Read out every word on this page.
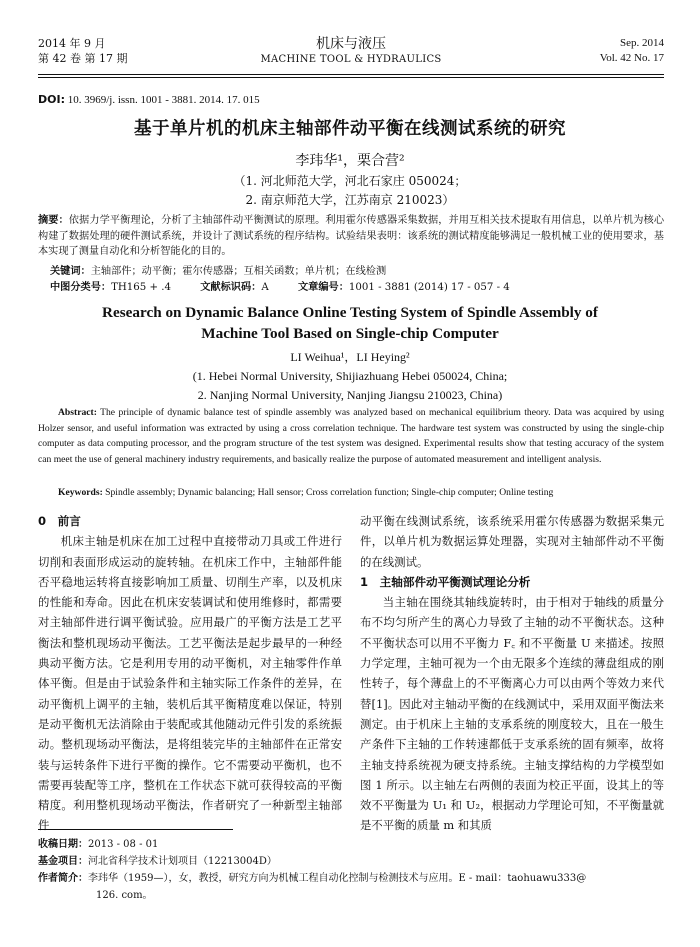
2014 年 9 月
第 42 卷 第 17 期
机床与液压
MACHINE TOOL & HYDRAULICS
Sep. 2014
Vol. 42 No. 17
DOI: 10. 3969/j. issn. 1001 - 3881. 2014. 17. 015
基于单片机的机床主轴部件动平衡在线测试系统的研究
李玮华¹，栗合营²
（1. 河北师范大学，河北石家庄 050024；
2. 南京师范大学，江苏南京 210023）
摘要：依据力学平衡理论，分析了主轴部件动平衡测试的原理。利用霍尔传感器采集数据，并用互相关技术提取有用信息，以单片机为核心构建了数据处理的硬件测试系统，并设计了测试系统的程序结构。试验结果表明：该系统的测试精度能够满足一般机械工业的使用要求，基本实现了测量自动化和分析智能化的目的。
关键词：主轴部件；动平衡；霍尔传感器；互相关函数；单片机；在线检测
中图分类号：TH165 + .4	文献标识码：A	文章编号：1001 - 3881 (2014) 17 - 057 - 4
Research on Dynamic Balance Online Testing System of Spindle Assembly of
Machine Tool Based on Single-chip Computer
LI Weihua¹，LI Heying²
(1. Hebei Normal University, Shijiazhuang Hebei 050024, China;
2. Nanjing Normal University, Nanjing Jiangsu 210023, China)
Abstract: The principle of dynamic balance test of spindle assembly was analyzed based on mechanical equilibrium theory. Data was acquired by using Holzer sensor, and useful information was extracted by using a cross correlation technique. The hardware test system was constructed by using the single-chip computer as data computing processor, and the program structure of the test system was designed. Experimental results show that testing accuracy of the system can meet the use of general machinery industry requirements, and basically realize the purpose of automated measurement and intelligent analysis.
Keywords: Spindle assembly; Dynamic balancing; Hall sensor; Cross correlation function; Single-chip computer; Online testing
0　前言

机床主轴是机床在加工过程中直接带动刀具或工件进行切削和表面形成运动的旋转轴。在机床工作中，主轴部件能否平稳地运转将直接影响加工质量、切削生产率，以及机床的性能和寿命。因此在机床安装调试和使用维修时，都需要对主轴部件进行调平衡试验。应用最广的平衡方法是工艺平衡法和整机现场动平衡法。工艺平衡法是起步最早的一种经典动平衡方法。它是利用专用的动平衡机，对主轴零件作单体平衡。但是由于试验条件和主轴实际工作条件的差异，在动平衡机上调平的主轴，装机后其平衡精度难以保证，特别是动平衡机无法消除由于装配或其他随动元件引发的系统振动。整机现场动平衡法，是将组装完毕的主轴部件在正常安装与运转条件下进行平衡的操作。它不需要动平衡机，也不需要再装配等工序，整机在工作状态下就可获得较高的平衡精度。利用整机现场动平衡法，作者研究了一种新型主轴部件

动平衡在线测试系统，该系统采用霍尔传感器为数据采集元件，以单片机为数据运算处理器，实现对主轴部件动不平衡的在线测试。

1　主轴部件动平衡测试理论分析

当主轴在围绕其轴线旋转时，由于相对于轴线的质量分布不均匀所产生的离心力导致了主轴的动不平衡状态。这种不平衡状态可以用不平衡力 F꜀ 和不平衡量 U 来描述。按照力学定理，主轴可视为一个由无限多个连续的薄盘组成的刚性转子，每个薄盘上的不平衡离心力可以由两个等效力来代替[1]。因此对主轴动平衡的在线测试中，采用双面平衡法来测定。由于机床上主轴的支承系统的刚度较大，且在一般生产条件下主轴的工作转速都低于支承系统的固有频率，故将主轴支持系统视为硬支持系统。主轴支撑结构的力学模型如图 1 所示。以主轴左右两侧的表面为校正平面，设其上的等效不平衡量为 U₁ 和 U₂，根据动力学理论可知，不平衡量就是不平衡的质量 m 和其质

收稿日期：2013 - 08 - 01
基金项目：河北省科学技术计划项目（12213004D）
作者简介：李玮华（1959—），女，教授，研究方向为机械工程自动化控制与检测技术与应用。E - mail：taohuawu333@
126. com。
